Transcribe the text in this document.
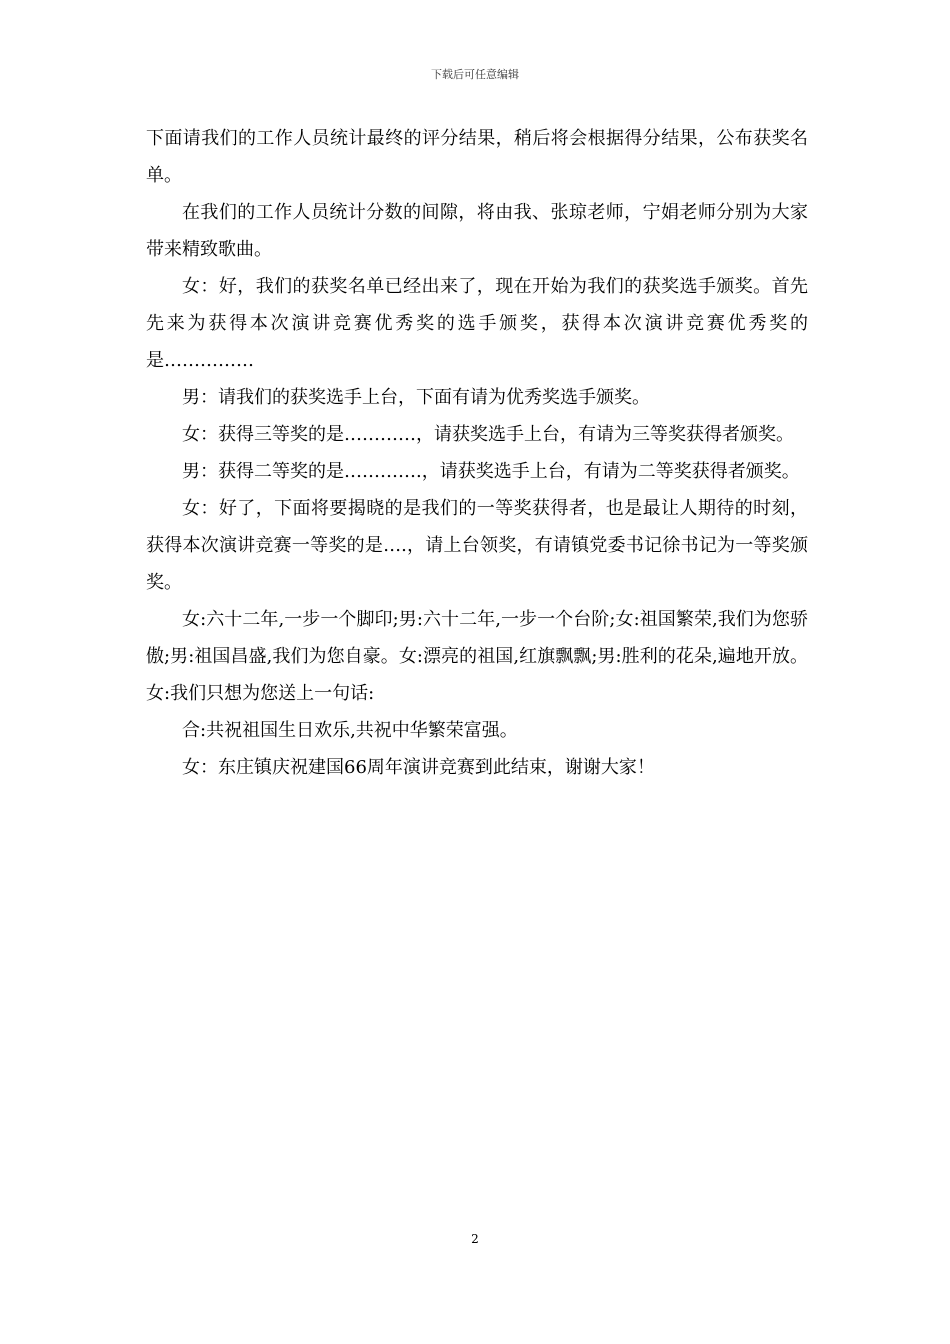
下载后可任意编辑

下面请我们的工作人员统计最终的评分结果，稍后将会根据得分结果，公布获奖名单。

在我们的工作人员统计分数的间隙，将由我、张琼老师，宁娟老师分别为大家带来精致歌曲。

女：好，我们的获奖名单已经出来了，现在开始为我们的获奖选手颁奖。首先先来为获得本次演讲竞赛优秀奖的选手颁奖，获得本次演讲竞赛优秀奖的是……………

男：请我们的获奖选手上台，下面有请为优秀奖选手颁奖。

女：获得三等奖的是…………，请获奖选手上台，有请为三等奖获得者颁奖。

男：获得二等奖的是………….，请获奖选手上台，有请为二等奖获得者颁奖。

女：好了，下面将要揭晓的是我们的一等奖获得者，也是最让人期待的时刻，获得本次演讲竞赛一等奖的是….，请上台领奖，有请镇党委书记徐书记为一等奖颁奖。

女:六十二年,一步一个脚印;男:六十二年,一步一个台阶;女:祖国繁荣,我们为您骄傲;男:祖国昌盛,我们为您自豪。女:漂亮的祖国,红旗飘飘;男:胜利的花朵,遍地开放。女:我们只想为您送上一句话:

合:共祝祖国生日欢乐,共祝中华繁荣富强。

女：东庄镇庆祝建国66周年演讲竞赛到此结束，谢谢大家！

2
